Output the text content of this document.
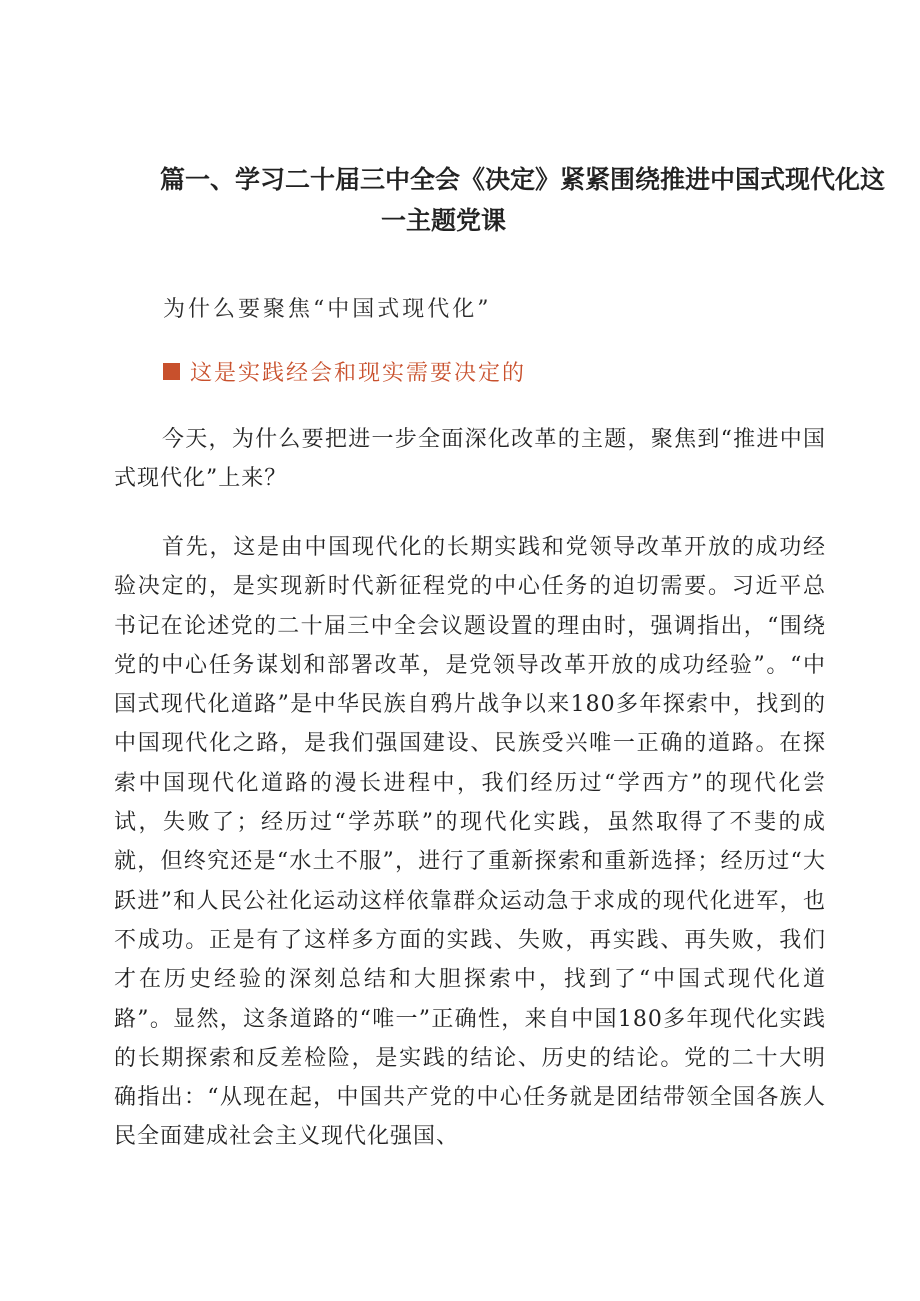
篇一、学习二十届三中全会《决定》紧紧围绕推进中国式现代化这
一主题党课
为什么要聚焦“中国式现代化”
这是实践经会和现实需要决定的

今天，为什么要把进一步全面深化改革的主题，聚焦到“推进中国式现代化”上来？

首先，这是由中国现代化的长期实践和党领导改革开放的成功经验决定的，是实现新时代新征程党的中心任务的迫切需要。习近平总书记在论述党的二十届三中全会议题设置的理由时，强调指出，“围绕党的中心任务谋划和部署改革，是党领导改革开放的成功经验”。“中国式现代化道路”是中华民族自鸦片战争以来180多年探索中，找到的中国现代化之路，是我们强国建设、民族受兴唯一正确的道路。在探索中国现代化道路的漫长进程中，我们经历过“学西方”的现代化尝试，失败了；经历过“学苏联”的现代化实践，虽然取得了不斐的成就，但终究还是“水土不服”，进行了重新探索和重新选择；经历过“大跃进”和人民公社化运动这样依靠群众运动急于求成的现代化进军，也不成功。正是有了这样多方面的实践、失败，再实践、再失败，我们才在历史经验的深刻总结和大胆探索中，找到了“中国式现代化道路”。显然，这条道路的“唯一”正确性，来自中国180多年现代化实践的长期探索和反差检险，是实践的结论、历史的结论。党的二十大明确指出：“从现在起，中国共产党的中心任务就是团结带领全国各族人民全面建成社会主义现代化强国、
